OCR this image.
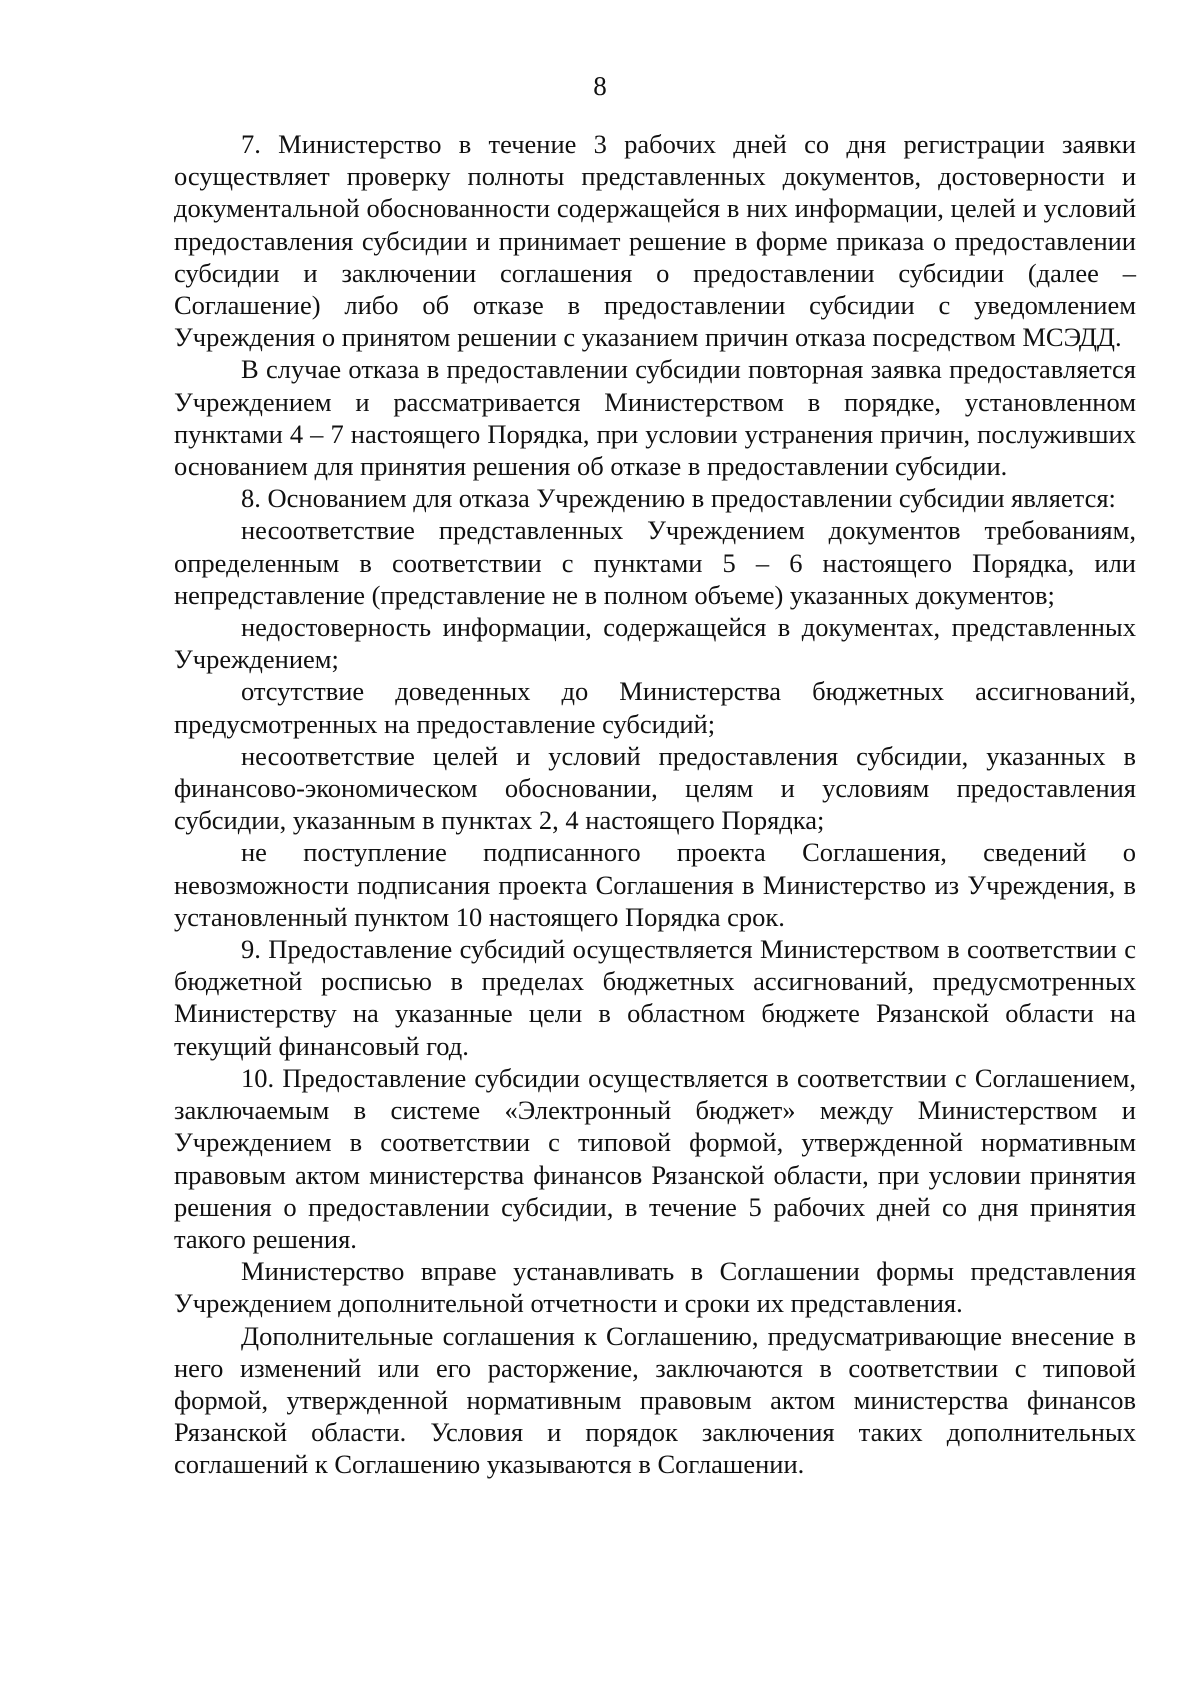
8

7. Министерство в течение 3 рабочих дней со дня регистрации заявки осуществляет проверку полноты представленных документов, достоверности и документальной обоснованности содержащейся в них информации, целей и условий предоставления субсидии и принимает решение в форме приказа о предоставлении субсидии и заключении соглашения о предоставлении субсидии (далее – Соглашение) либо об отказе в предоставлении субсидии с уведомлением Учреждения о принятом решении с указанием причин отказа посредством МСЭДД.

В случае отказа в предоставлении субсидии повторная заявка предоставляется Учреждением и рассматривается Министерством в порядке, установленном пунктами 4 – 7 настоящего Порядка, при условии устранения причин, послуживших основанием для принятия решения об отказе в предоставлении субсидии.

8. Основанием для отказа Учреждению в предоставлении субсидии является:

несоответствие представленных Учреждением документов требованиям, определенным в соответствии с пунктами 5 – 6 настоящего Порядка, или непредставление (представление не в полном объеме) указанных документов;

недостоверность информации, содержащейся в документах, представленных Учреждением;

отсутствие доведенных до Министерства бюджетных ассигнований, предусмотренных на предоставление субсидий;

несоответствие целей и условий предоставления субсидии, указанных в финансово-экономическом обосновании, целям и условиям предоставления субсидии, указанным в пунктах 2, 4 настоящего Порядка;

не поступление подписанного проекта Соглашения, сведений о невозможности подписания проекта Соглашения в Министерство из Учреждения, в установленный пунктом 10 настоящего Порядка срок.

9. Предоставление субсидий осуществляется Министерством в соответствии с бюджетной росписью в пределах бюджетных ассигнований, предусмотренных Министерству на указанные цели в областном бюджете Рязанской области на текущий финансовый год.

10. Предоставление субсидии осуществляется в соответствии с Соглашением, заключаемым в системе «Электронный бюджет» между Министерством и Учреждением в соответствии с типовой формой, утвержденной нормативным правовым актом министерства финансов Рязанской области, при условии принятия решения о предоставлении субсидии, в течение 5 рабочих дней со дня принятия такого решения.

Министерство вправе устанавливать в Соглашении формы представления Учреждением дополнительной отчетности и сроки их представления.

Дополнительные соглашения к Соглашению, предусматривающие внесение в него изменений или его расторжение, заключаются в соответствии с типовой формой, утвержденной нормативным правовым актом министерства финансов Рязанской области. Условия и порядок заключения таких дополнительных соглашений к Соглашению указываются в Соглашении.
